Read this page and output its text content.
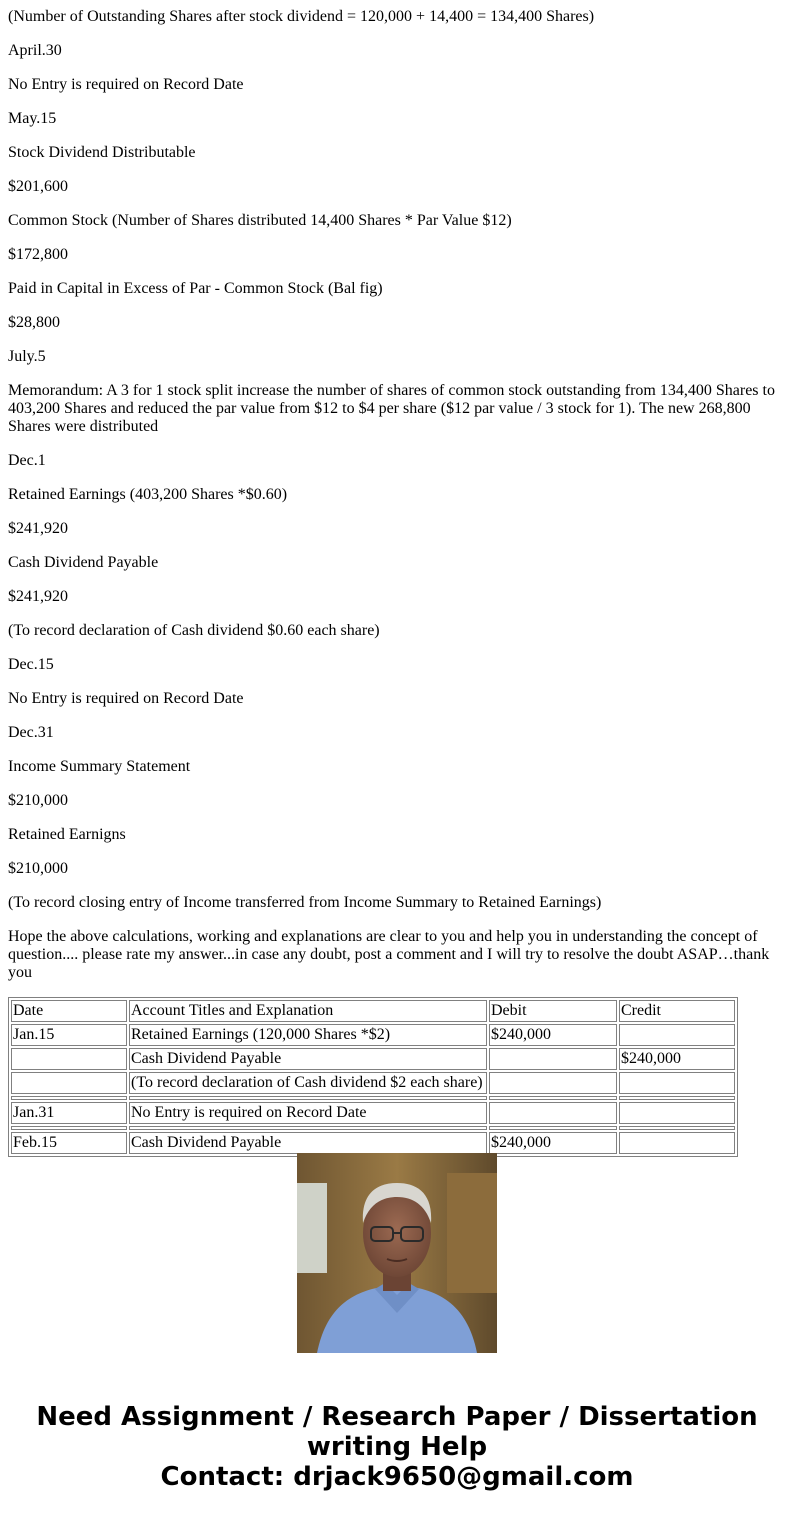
(Number of Outstanding Shares after stock dividend = 120,000 + 14,400 = 134,400 Shares)

April.30

No Entry is required on Record Date

May.15

Stock Dividend Distributable

$201,600

Common Stock (Number of Shares distributed 14,400 Shares * Par Value $12)

$172,800

Paid in Capital in Excess of Par - Common Stock (Bal fig)

$28,800

July.5

Memorandum: A 3 for 1 stock split increase the number of shares of common stock outstanding from 134,400 Shares to 403,200 Shares and reduced the par value from $12 to $4 per share ($12 par value / 3 stock for 1). The new 268,800 Shares were distributed

Dec.1

Retained Earnings (403,200 Shares *$0.60)

$241,920

Cash Dividend Payable

$241,920

(To record declaration of Cash dividend $0.60 each share)

Dec.15

No Entry is required on Record Date

Dec.31

Income Summary Statement

$210,000

Retained Earnigns

$210,000

(To record closing entry of Income transferred from Income Summary to Retained Earnings)

Hope the above calculations, working and explanations are clear to you and help you in understanding the concept of question.... please rate my answer...in case any doubt, post a comment and I will try to resolve the doubt ASAP…thank you

Date	Account Titles and Explanation	Debit	Credit
Jan.15	Retained Earnings (120,000 Shares *$2)	$240,000	
	Cash Dividend Payable		$240,000
	(To record declaration of Cash dividend $2 each share)		

Jan.31	No Entry is required on Record Date		

Feb.15	Cash Dividend Payable	$240,000	
Need Assignment / Research Paper / Dissertation
writing Help
Contact: drjack9650@gmail.com
